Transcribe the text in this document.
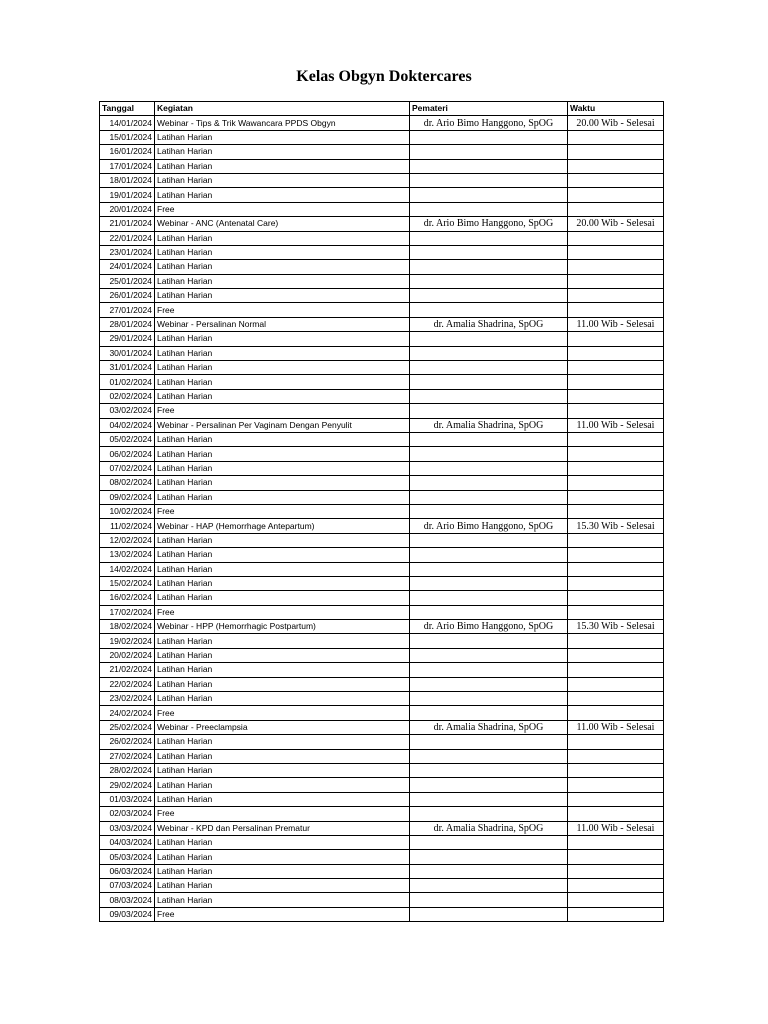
Kelas Obgyn Doktercares
Tanggal	Kegiatan	Pemateri	Waktu
14/01/2024	Webinar - Tips & Trik Wawancara PPDS Obgyn	dr. Ario Bimo Hanggono, SpOG	20.00 Wib - Selesai
15/01/2024	Latihan Harian		
16/01/2024	Latihan Harian		
17/01/2024	Latihan Harian		
18/01/2024	Latihan Harian		
19/01/2024	Latihan Harian		
20/01/2024	Free		
21/01/2024	Webinar - ANC (Antenatal Care)	dr. Ario Bimo Hanggono, SpOG	20.00 Wib - Selesai
22/01/2024	Latihan Harian		
23/01/2024	Latihan Harian		
24/01/2024	Latihan Harian		
25/01/2024	Latihan Harian		
26/01/2024	Latihan Harian		
27/01/2024	Free		
28/01/2024	Webinar - Persalinan Normal	dr. Amalia Shadrina, SpOG	11.00 Wib - Selesai
29/01/2024	Latihan Harian		
30/01/2024	Latihan Harian		
31/01/2024	Latihan Harian		
01/02/2024	Latihan Harian		
02/02/2024	Latihan Harian		
03/02/2024	Free		
04/02/2024	Webinar - Persalinan Per Vaginam Dengan Penyulit	dr. Amalia Shadrina, SpOG	11.00 Wib - Selesai
05/02/2024	Latihan Harian		
06/02/2024	Latihan Harian		
07/02/2024	Latihan Harian		
08/02/2024	Latihan Harian		
09/02/2024	Latihan Harian		
10/02/2024	Free		
11/02/2024	Webinar - HAP (Hemorrhage Antepartum)	dr. Ario Bimo Hanggono, SpOG	15.30 Wib - Selesai
12/02/2024	Latihan Harian		
13/02/2024	Latihan Harian		
14/02/2024	Latihan Harian		
15/02/2024	Latihan Harian		
16/02/2024	Latihan Harian		
17/02/2024	Free		
18/02/2024	Webinar - HPP (Hemorrhagic Postpartum)	dr. Ario Bimo Hanggono, SpOG	15.30 Wib - Selesai
19/02/2024	Latihan Harian		
20/02/2024	Latihan Harian		
21/02/2024	Latihan Harian		
22/02/2024	Latihan Harian		
23/02/2024	Latihan Harian		
24/02/2024	Free		
25/02/2024	Webinar - Preeclampsia	dr. Amalia Shadrina, SpOG	11.00 Wib - Selesai
26/02/2024	Latihan Harian		
27/02/2024	Latihan Harian		
28/02/2024	Latihan Harian		
29/02/2024	Latihan Harian		
01/03/2024	Latihan Harian		
02/03/2024	Free		
03/03/2024	Webinar - KPD dan Persalinan Prematur	dr. Amalia Shadrina, SpOG	11.00 Wib - Selesai
04/03/2024	Latihan Harian		
05/03/2024	Latihan Harian		
06/03/2024	Latihan Harian		
07/03/2024	Latihan Harian		
08/03/2024	Latihan Harian		
09/03/2024	Free		
